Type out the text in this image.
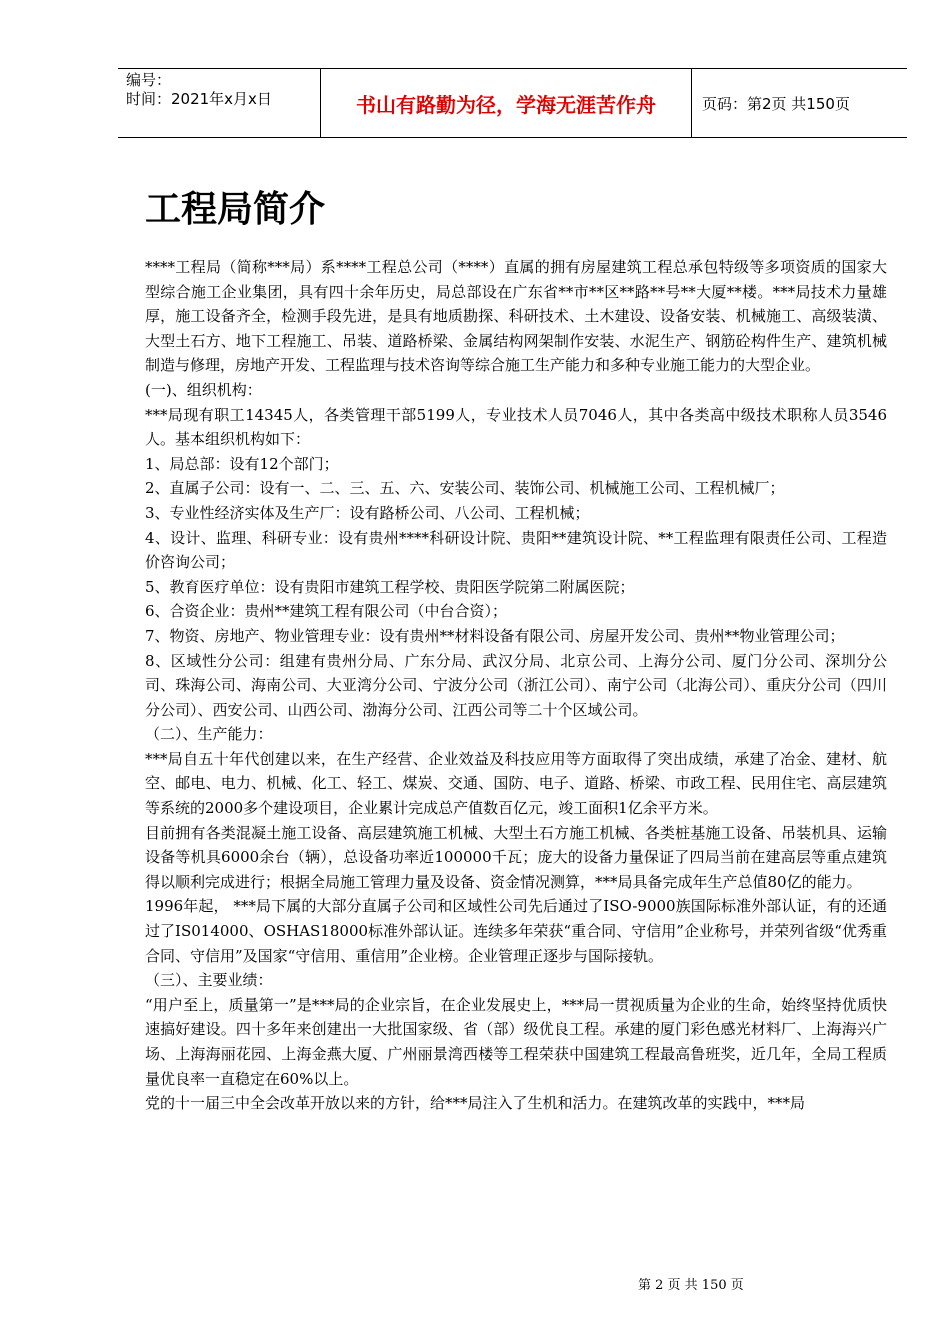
编号：
时间：2021年x月x日	书山有路勤为径，学海无涯苦作舟	页码：第2页 共150页
工程局简介

****工程局（简称***局）系****工程总公司（****）直属的拥有房屋建筑工程总承包特级等多项资质的国家大型综合施工企业集团，具有四十余年历史，局总部设在广东省**市**区**路**号**大厦**楼。***局技术力量雄厚，施工设备齐全，检测手段先进，是具有地质勘探、科研技术、土木建设、设备安装、机械施工、高级装潢、大型土石方、地下工程施工、吊装、道路桥梁、金属结构网架制作安装、水泥生产、钢筋砼构件生产、建筑机械制造与修理，房地产开发、工程监理与技术咨询等综合施工生产能力和多种专业施工能力的大型企业。

(一)、组织机构：

***局现有职工14345人，各类管理干部5199人，专业技术人员7046人，其中各类高中级技术职称人员3546人。基本组织机构如下：

1、局总部：设有12个部门；

2、直属子公司：设有一、二、三、五、六、安装公司、装饰公司、机械施工公司、工程机械厂；

3、专业性经济实体及生产厂：设有路桥公司、八公司、工程机械；

4、设计、监理、科研专业：设有贵州****科研设计院、贵阳**建筑设计院、**工程监理有限责任公司、工程造价咨询公司；

5、教育医疗单位：设有贵阳市建筑工程学校、贵阳医学院第二附属医院；

6、合资企业：贵州**建筑工程有限公司（中台合资）；

7、物资、房地产、物业管理专业：设有贵州**材料设备有限公司、房屋开发公司、贵州**物业管理公司；

8、区域性分公司：组建有贵州分局、广东分局、武汉分局、北京公司、上海分公司、厦门分公司、深圳分公司、珠海公司、海南公司、大亚湾分公司、宁波分公司（浙江公司）、南宁公司（北海公司）、重庆分公司（四川分公司）、西安公司、山西公司、渤海分公司、江西公司等二十个区域公司。

（二）、生产能力：

***局自五十年代创建以来，在生产经营、企业效益及科技应用等方面取得了突出成绩，承建了冶金、建材、航空、邮电、电力、机械、化工、轻工、煤炭、交通、国防、电子、道路、桥梁、市政工程、民用住宅、高层建筑等系统的2000多个建设项目，企业累计完成总产值数百亿元，竣工面积1亿余平方米。

目前拥有各类混凝土施工设备、高层建筑施工机械、大型土石方施工机械、各类桩基施工设备、吊装机具、运输设备等机具6000余台（辆），总设备功率近100000千瓦；庞大的设备力量保证了四局当前在建高层等重点建筑得以顺利完成进行；根据全局施工管理力量及设备、资金情况测算，***局具备完成年生产总值80亿的能力。

1996年起， ***局下属的大部分直属子公司和区域性公司先后通过了ISO-9000族国际标准外部认证，有的还通过了IS014000、OSHAS18000标准外部认证。连续多年荣获“重合同、守信用”企业称号，并荣列省级“优秀重合同、守信用”及国家“守信用、重信用”企业榜。企业管理正逐步与国际接轨。

（三）、主要业绩：

“用户至上，质量第一”是***局的企业宗旨，在企业发展史上，***局一贯视质量为企业的生命，始终坚持优质快速搞好建设。四十多年来创建出一大批国家级、省（部）级优良工程。承建的厦门彩色感光材料厂、上海海兴广场、上海海丽花园、上海金燕大厦、广州丽景湾西楼等工程荣获中国建筑工程最高鲁班奖，近几年，全局工程质量优良率一直稳定在60%以上。

党的十一届三中全会改革开放以来的方针，给***局注入了生机和活力。在建筑改革的实践中，***局

第 2 页 共 150 页
